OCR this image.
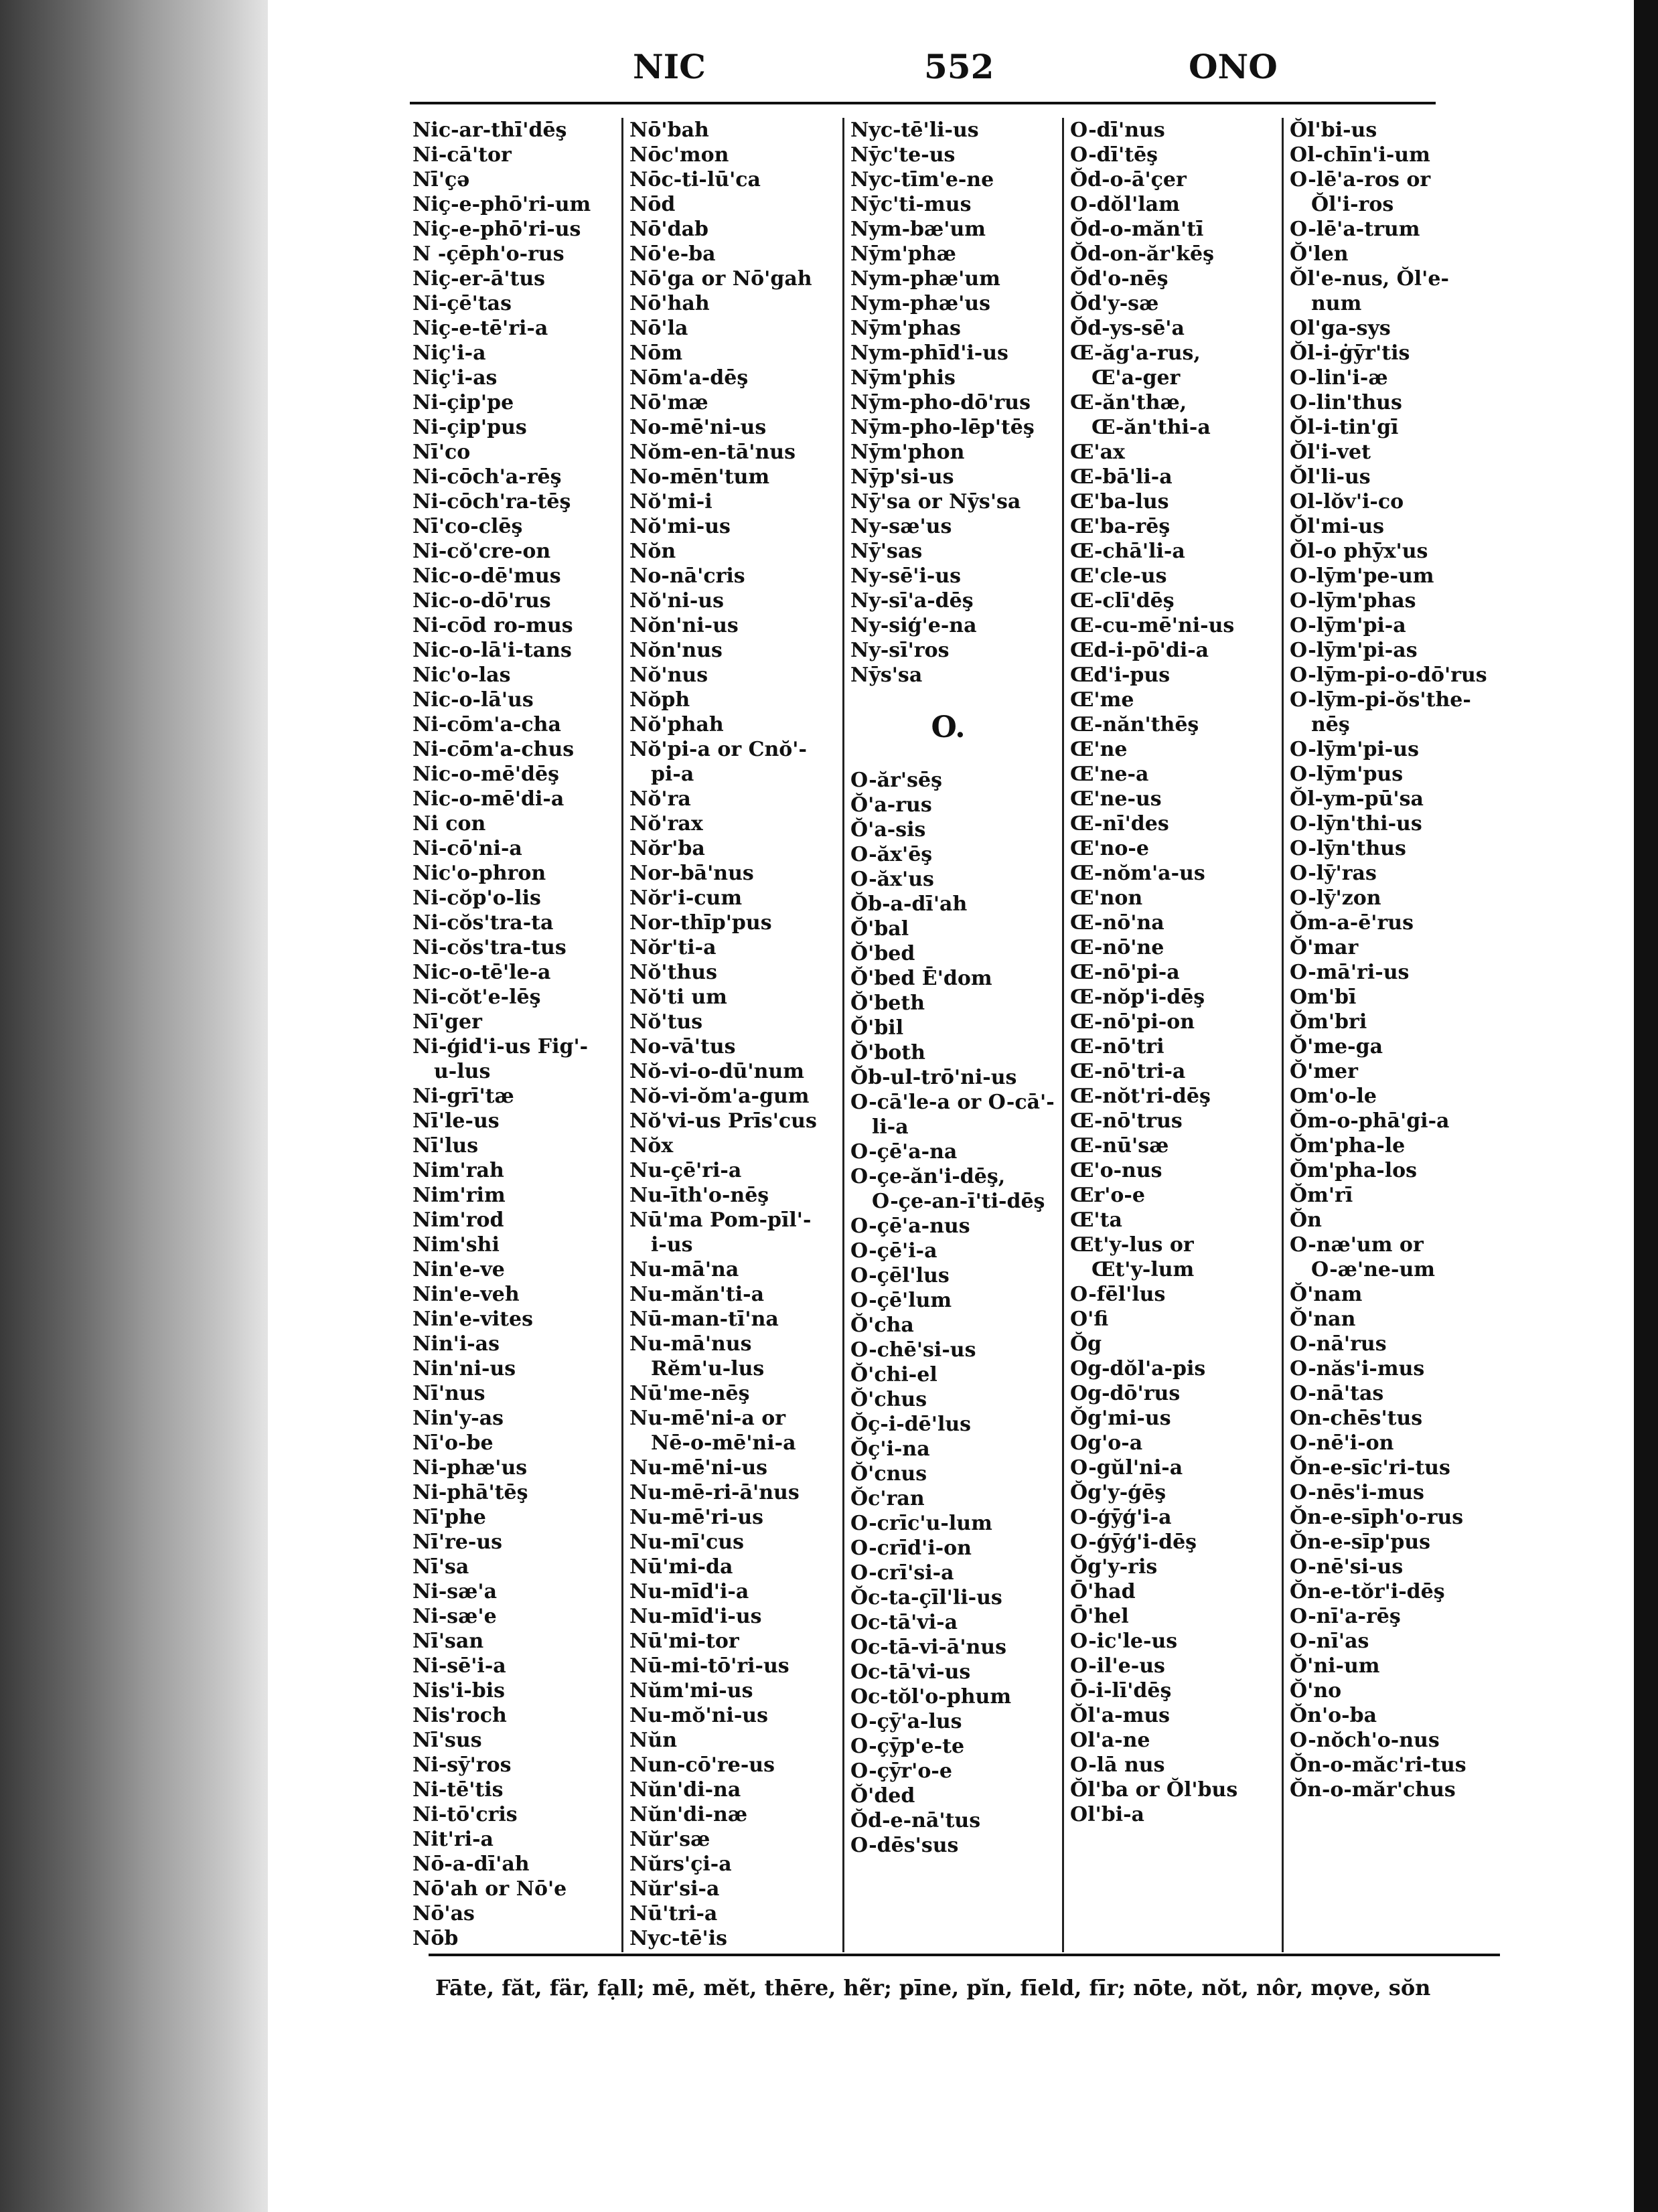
NIC	552	ONO
Nic-ar-thī'dēş
Ni-cā'tor
Nī'çə
Niç-e-phō'ri-um
Niç-e-phō'ri-us
N -çēph'o-rus
Niç-er-ā'tus
Ni-çē'tas
Niç-e-tē'ri-a
Niç'i-a
Niç'i-as
Ni-çip'pe
Ni-çip'pus
Nī'co
Ni-cōch'a-rēş
Ni-cōch'ra-tēş
Nī'co-clēş
Ni-cŏ'cre-on
Nic-o-dē'mus
Nic-o-dō'rus
Ni-cōd ro-mus
Nic-o-lā'i-tans
Nic'o-las
Nic-o-lā'us
Ni-cōm'a-cha
Ni-cōm'a-chus
Nic-o-mē'dēş
Nic-o-mē'di-a
Ni con
Ni-cō'ni-a
Nic'o-phron
Ni-cŏp'o-lis
Ni-cŏs'tra-ta
Ni-cŏs'tra-tus
Nic-o-tē'le-a
Ni-cŏt'e-lēş
Nī'ger
Ni-ģid'i-us Fig'-
u-lus
Ni-grī'tæ
Nī'le-us
Nī'lus
Nim'rah
Nim'rim
Nim'rod
Nim'shi
Nin'e-ve
Nin'e-veh
Nin'e-vites
Nin'i-as
Nin'ni-us
Nī'nus
Nin'y-as
Nī'o-be
Ni-phæ'us
Ni-phā'tēş
Nī'phe
Nī're-us
Nī'sa
Ni-sæ'a
Ni-sæ'e
Nī'san
Ni-sē'i-a
Nis'i-bis
Nis'roch
Nī'sus
Ni-sȳ'ros
Ni-tē'tis
Ni-tō'cris
Nit'ri-a
Nō-a-dī'ah
Nō'ah or Nō'e
Nō'as
Nōb
Nō'bah
Nōc'mon
Nōc-ti-lū'ca
Nōd
Nō'dab
Nō'e-ba
Nō'ga or Nō'gah
Nō'hah
Nō'la
Nōm
Nōm'a-dēş
Nō'mæ
No-mē'ni-us
Nŏm-en-tā'nus
No-mēn'tum
Nŏ'mi-i
Nŏ'mi-us
Nŏn
No-nā'cris
Nŏ'ni-us
Nŏn'ni-us
Nŏn'nus
Nŏ'nus
Nŏph
Nŏ'phah
Nŏ'pi-a or Cnŏ'-
pi-a
Nŏ'ra
Nŏ'rax
Nŏr'ba
Nor-bā'nus
Nŏr'i-cum
Nor-thīp'pus
Nŏr'ti-a
Nŏ'thus
Nŏ'ti um
Nŏ'tus
No-vā'tus
Nŏ-vi-o-dū'num
Nŏ-vi-ŏm'a-gum
Nŏ'vi-us Prīs'cus
Nŏx
Nu-çē'ri-a
Nu-īth'o-nēş
Nū'ma Pom-pīl'-
i-us
Nu-mā'na
Nu-măn'ti-a
Nū-man-tī'na
Nu-mā'nus
Rĕm'u-lus
Nū'me-nēş
Nu-mē'ni-a or
Nē-o-mē'ni-a
Nu-mē'ni-us
Nu-mē-ri-ā'nus
Nu-mē'ri-us
Nu-mī'cus
Nū'mi-da
Nu-mīd'i-a
Nu-mīd'i-us
Nū'mi-tor
Nū-mi-tō'ri-us
Nŭm'mi-us
Nu-mŏ'ni-us
Nŭn
Nun-cō're-us
Nŭn'di-na
Nŭn'di-næ
Nŭr'sæ
Nŭrs'çi-a
Nŭr'si-a
Nū'tri-a
Nyc-tē'is
Nyc-tē'li-us
Nȳc'te-us
Nyc-tīm'e-ne
Nȳc'ti-mus
Nym-bæ'um
Nȳm'phæ
Nym-phæ'um
Nym-phæ'us
Nȳm'phas
Nym-phīd'i-us
Nȳm'phis
Nȳm-pho-dō'rus
Nȳm-pho-lēp'tēş
Nȳm'phon
Nȳp'si-us
Nȳ'sa or Nȳs'sa
Ny-sæ'us
Nȳ'sas
Ny-sē'i-us
Ny-sī'a-dēş
Ny-siģ'e-na
Ny-sī'ros
Nȳs'sa
O.
O-ăr'sēş
Ŏ'a-rus
Ŏ'a-sis
O-ăx'ēş
O-ăx'us
Ŏb-a-dī'ah
Ŏ'bal
Ŏ'bed
Ŏ'bed Ē'dom
Ŏ'beth
Ŏ'bil
Ŏ'both
Ŏb-ul-trō'ni-us
O-cā'le-a or O-cā'-
li-a
O-çē'a-na
O-çe-ăn'i-dēş,
O-çe-an-ī'ti-dēş
O-çē'a-nus
O-çē'i-a
O-çēl'lus
O-çē'lum
Ŏ'cha
O-chē'si-us
Ŏ'chi-el
Ŏ'chus
Ŏç-i-dē'lus
Ŏç'i-na
Ŏ'cnus
Ŏc'ran
O-crīc'u-lum
O-crīd'i-on
O-crī'si-a
Ŏc-ta-çīl'li-us
Oc-tā'vi-a
Oc-tā-vi-ā'nus
Oc-tā'vi-us
Oc-tŏl'o-phum
O-çȳ'a-lus
O-çȳp'e-te
O-çȳr'o-e
Ŏ'ded
Ŏd-e-nā'tus
O-dēs'sus
O-dī'nus
O-dī'tēş
Ŏd-o-ā'çer
O-dŏl'lam
Ŏd-o-măn'tī
Ŏd-on-ăr'kēş
Ŏd'o-nēş
Ŏd'y-sæ
Ŏd-ys-sē'a
Œ-ăg'a-rus,
Œ'a-ger
Œ-ăn'thæ,
Œ-ăn'thi-a
Œ'ax
Œ-bā'li-a
Œ'ba-lus
Œ'ba-rēş
Œ-chā'li-a
Œ'cle-us
Œ-clī'dēş
Œ-cu-mē'ni-us
Œd-i-pō'di-a
Œd'i-pus
Œ'me
Œ-năn'thēş
Œ'ne
Œ'ne-a
Œ'ne-us
Œ-nī'des
Œ'no-e
Œ-nŏm'a-us
Œ'non
Œ-nō'na
Œ-nō'ne
Œ-nō'pi-a
Œ-nŏp'i-dēş
Œ-nō'pi-on
Œ-nō'tri
Œ-nō'tri-a
Œ-nŏt'ri-dēş
Œ-nō'trus
Œ-nū'sæ
Œ'o-nus
Œr'o-e
Œ'ta
Œt'y-lus or
Œt'y-lum
O-fēl'lus
O'fi
Ŏg
Og-dŏl'a-pis
Og-dō'rus
Ŏg'mi-us
Og'o-a
O-gŭl'ni-a
Ŏg'y-ģēş
O-ģȳģ'i-a
O-ģȳģ'i-dēş
Ŏg'y-ris
Ō'had
Ō'hel
O-ic'le-us
O-il'e-us
Ō-i-lī'dēş
Ŏl'a-mus
Ol'a-ne
O-lā nus
Ŏl'ba or Ŏl'bus
Ol'bi-a
Ŏl'bi-us
Ol-chīn'i-um
O-lē'a-ros or
Ŏl'i-ros
O-lē'a-trum
Ŏ'len
Ŏl'e-nus, Ŏl'e-
num
Ol'ga-sys
Ŏl-i-ġȳr'tis
O-lin'i-æ
O-lin'thus
Ŏl-i-tin'gī
Ŏl'i-vet
Ŏl'li-us
Ol-lŏv'i-co
Ŏl'mi-us
Ŏl-o phȳx'us
O-lȳm'pe-um
O-lȳm'phas
O-lȳm'pi-a
O-lȳm'pi-as
O-lȳm-pi-o-dō'rus
O-lȳm-pi-ŏs'the-
nēş
O-lȳm'pi-us
O-lȳm'pus
Ŏl-ym-pū'sa
O-lȳn'thi-us
O-lȳn'thus
O-lȳ'ras
O-lȳ'zon
Ŏm-a-ē'rus
Ŏ'mar
O-mā'ri-us
Om'bī
Ŏm'bri
Ŏ'me-ga
Ŏ'mer
Om'o-le
Ŏm-o-phā'gi-a
Ŏm'pha-le
Ŏm'pha-los
Ŏm'rī
Ŏn
O-næ'um or
O-æ'ne-um
Ŏ'nam
Ŏ'nan
O-nā'rus
O-năs'i-mus
O-nā'tas
On-chēs'tus
O-nē'i-on
Ŏn-e-sīc'ri-tus
O-nēs'i-mus
Ŏn-e-sīph'o-rus
Ŏn-e-sīp'pus
O-nē'si-us
Ŏn-e-tŏr'i-dēş
O-nī'a-rēş
O-nī'as
Ŏ'ni-um
Ŏ'no
Ŏn'o-ba
O-nŏch'o-nus
Ŏn-o-măc'ri-tus
Ŏn-o-măr'chus
Fāte, făt, fär, fạll; mē, mĕt, thēre, hẽr; pīne, pĭn, fīeld, fīr; nōte, nŏt, nôr, mọve, sŏn
